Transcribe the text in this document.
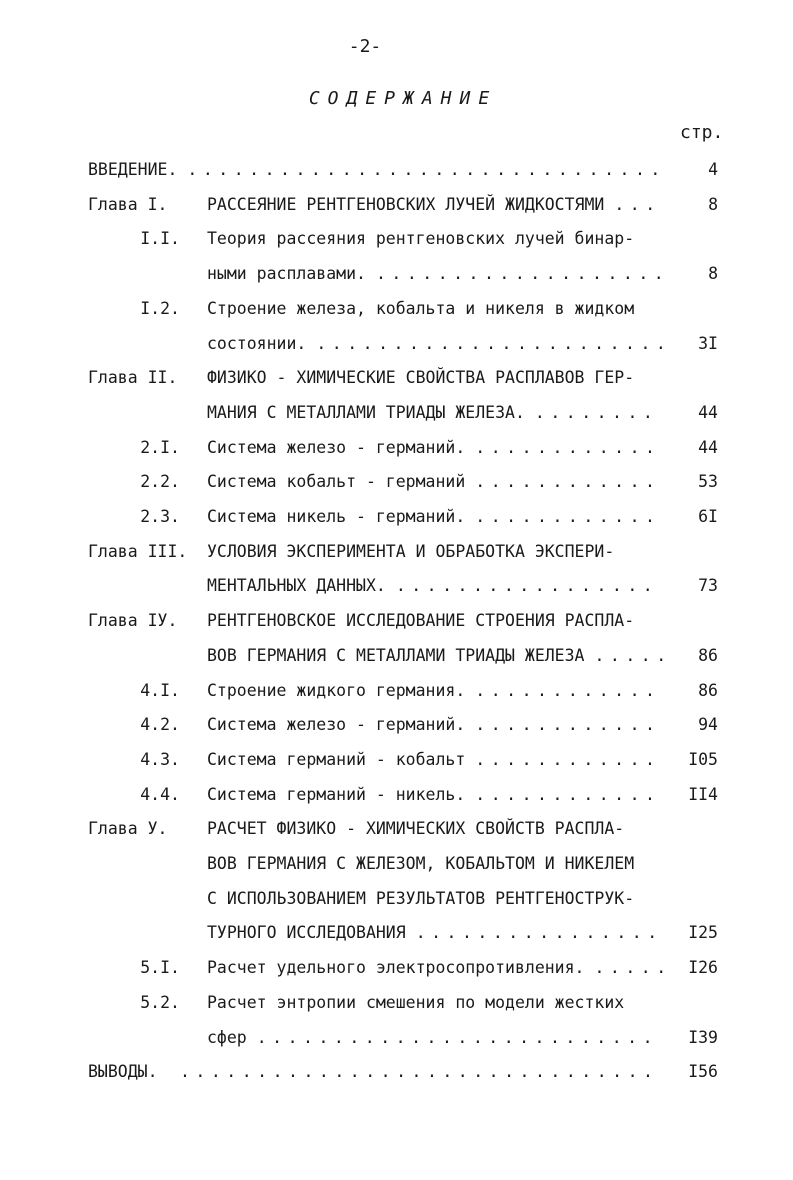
-2-
СОДЕРЖАНИЕ
стр.
ВВЕДЕНИЕ. ...............................	4
Глава I. РАССЕЯНИЕ РЕНТГЕНОВСКИХ ЛУЧЕЙ ЖИДКОСТЯМИ ...	8
I.I. Теория рассеяния рентгеновских лучей бинар-
ными расплавами. ................... 8
I.2. Строение железа, кобальта и никеля в жидком
состоянии. ....................... 3I
Глава II. ФИЗИКО - ХИМИЧЕСКИЕ СВОЙСТВА РАСПЛАВОВ ГЕР-
МАНИЯ С МЕТАЛЛАМИ ТРИАДЫ ЖЕЛЕЗА. ........	44
2.I. Система железо - германий. ............	44
2.2. Система кобальт - германий ............	53
2.3. Система никель - германий. ............	6I
Глава III. УСЛОВИЯ ЭКСПЕРИМЕНТА И ОБРАБОТКА ЭКСПЕРИ-
МЕНТАЛЬНЫХ ДАННЫХ. .................	73
Глава IУ. РЕНТГЕНОВСКОЕ ИССЛЕДОВАНИЕ СТРОЕНИЯ РАСПЛА-
ВОВ ГЕРМАНИЯ С МЕТАЛЛАМИ ТРИАДЫ ЖЕЛЕЗА ..... 86
4.I. Строение жидкого германия. ............	86
4.2. Система железо - германий. ............	94
4.3. Система германий - кобальт ............	I05
4.4. Система германий - никель. ............	II4
Глава У. РАСЧЕТ ФИЗИКО - ХИМИЧЕСКИХ СВОЙСТВ РАСПЛА-
ВОВ ГЕРМАНИЯ С ЖЕЛЕЗОМ, КОБАЛЬТОМ И НИКЕЛЕМ
С ИСПОЛЬЗОВАНИЕМ РЕЗУЛЬТАТОВ РЕНТГЕНОСТРУК-
ТУРНОГО ИССЛЕДОВАНИЯ ................	I25
5.I. Расчет удельного электросопротивления. ..... I26
5.2. Расчет энтропии смешения по модели жестких
сфер ..........................	I39
ВЫВОДЫ. ...............................	I56
